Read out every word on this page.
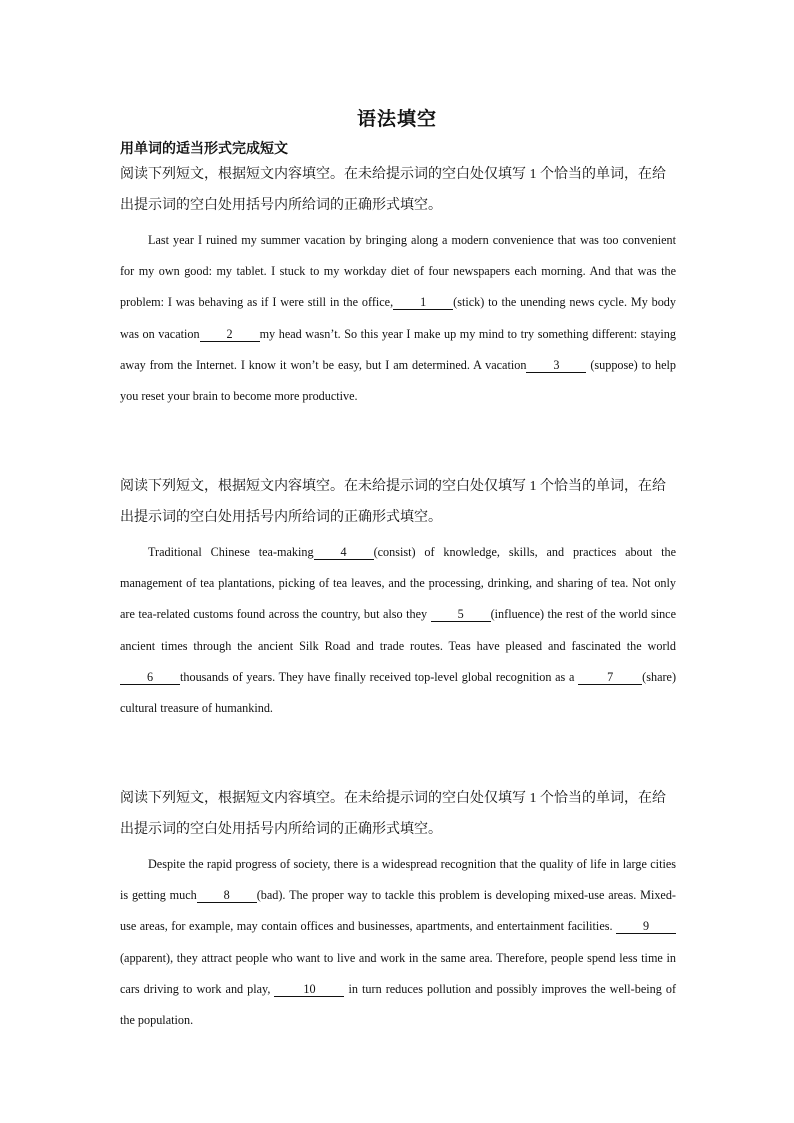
语法填空
用单词的适当形式完成短文
阅读下列短文，根据短文内容填空。在未给提示词的空白处仅填写 1 个恰当的单词，在给出提示词的空白处用括号内所给词的正确形式填空。
Last year I ruined my summer vacation by bringing along a modern convenience that was too convenient for my own good: my tablet. I stuck to my workday diet of four newspapers each morning. And that was the problem: I was behaving as if I were still in the office, 1 (stick) to the unending news cycle. My body was on vacation 2 my head wasn’t. So this year I make up my mind to try something different: staying away from the Internet. I know it won’t be easy, but I am determined. A vacation 3	(suppose) to help you reset your brain to become more productive.
阅读下列短文，根据短文内容填空。在未给提示词的空白处仅填写 1 个恰当的单词，在给出提示词的空白处用括号内所给词的正确形式填空。
Traditional Chinese tea-making 4 (consist) of knowledge, skills, and practices about the management of tea plantations, picking of tea leaves, and the processing, drinking, and sharing of tea. Not only are tea-related customs found across the country, but also they 5 (influence) the rest of the world since ancient times through the ancient Silk Road and trade routes. Teas have pleased and fascinated the world6 thousands of years. They have finally received top-level global recognition as a	7 (share) cultural treasure of humankind.
阅读下列短文，根据短文内容填空。在未给提示词的空白处仅填写 1 个恰当的单词，在给出提示词的空白处用括号内所给词的正确形式填空。
Despite the rapid progress of society, there is a widespread recognition that the quality of life in large cities is getting much 8 (bad). The proper way to tackle this problem is developing mixed-use areas. Mixed-use areas, for example, may contain offices and businesses, apartments, and entertainment facilities. 9(apparent), they attract people who want to live and work in the same area. Therefore, people spend less time in cars driving to work and play,	10	in turn reduces pollution and possibly improves the well-being of the population.
